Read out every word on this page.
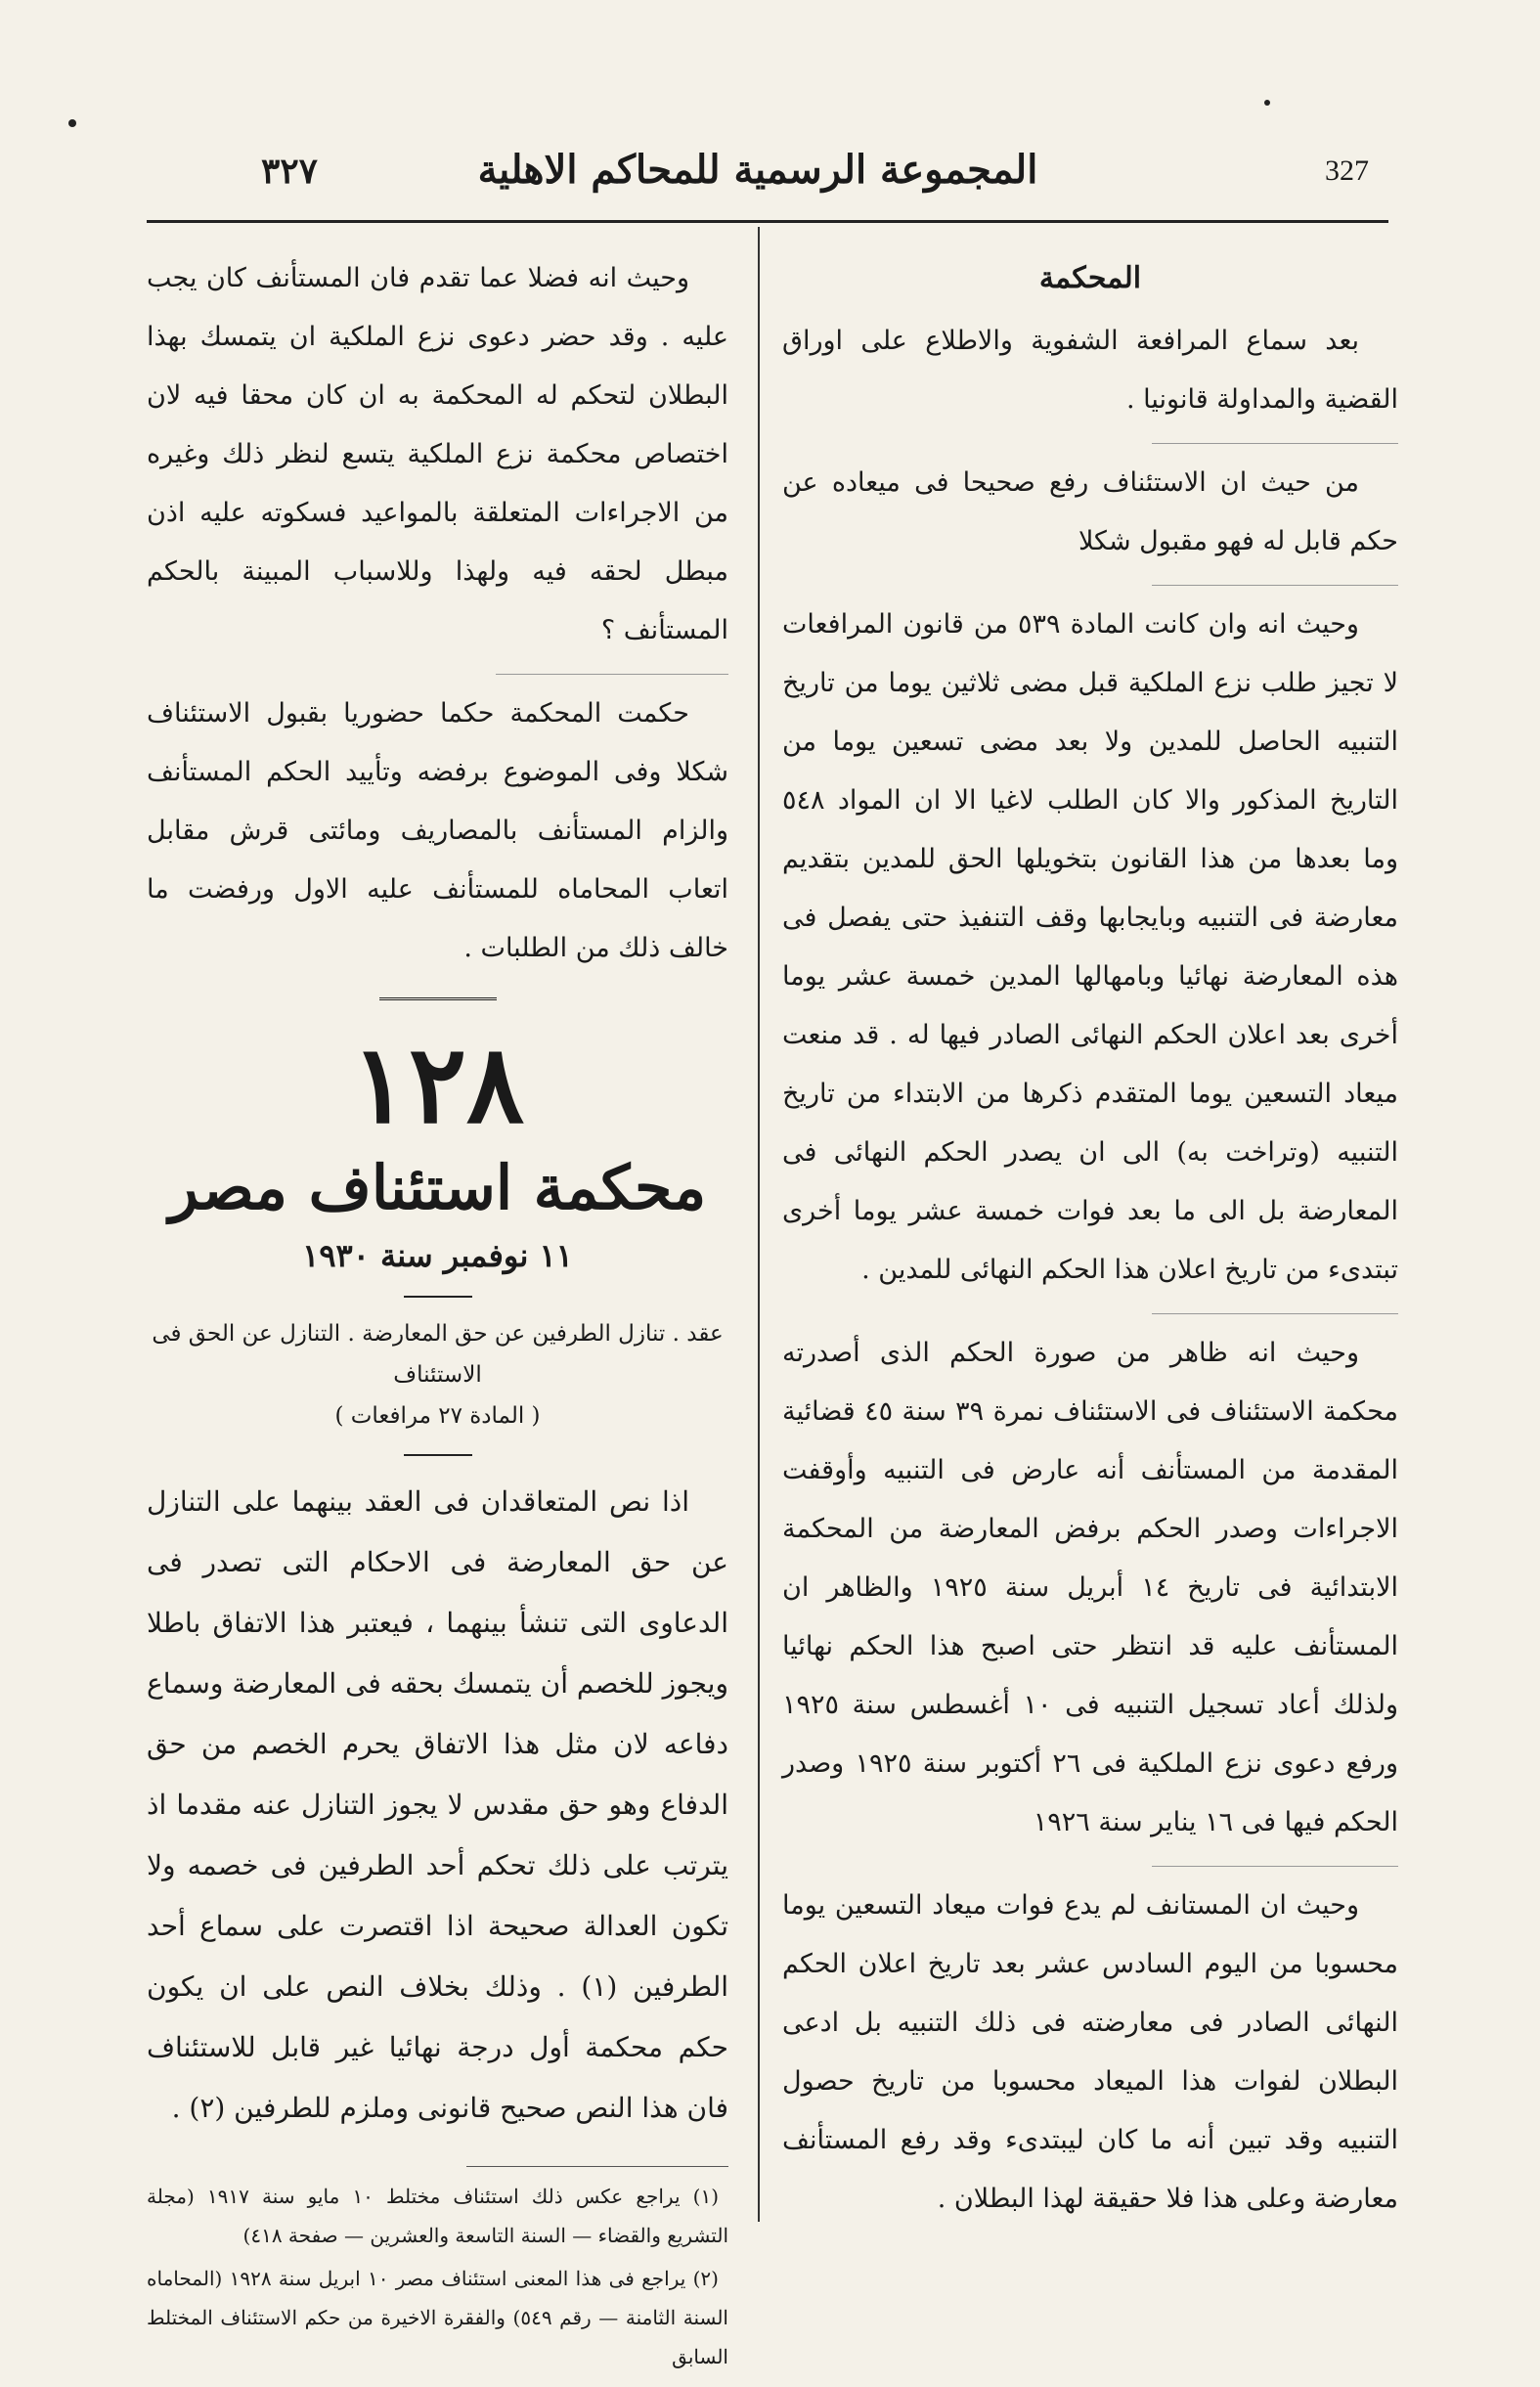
٣٢٧	المجموعة الرسمية للمحاكم الاهلية	327
المحكمة

بعد سماع المرافعة الشفوية والاطلاع على اوراق القضية والمداولة قانونيا .

من حيث ان الاستئناف رفع صحيحا فى ميعاده عن حكم قابل له فهو مقبول شكلا

وحيث انه وان كانت المادة ٥٣٩ من قانون المرافعات لا تجيز طلب نزع الملكية قبل مضى ثلاثين يوما من تاريخ التنبيه الحاصل للمدين ولا بعد مضى تسعين يوما من التاريخ المذكور والا كان الطلب لاغيا الا ان المواد ٥٤٨ وما بعدها من هذا القانون بتخويلها الحق للمدين بتقديم معارضة فى التنبيه وبايجابها وقف التنفيذ حتى يفصل فى هذه المعارضة نهائيا وبامهالها المدين خمسة عشر يوما أخرى بعد اعلان الحكم النهائى الصادر فيها له . قد منعت ميعاد التسعين يوما المتقدم ذكرها من الابتداء من تاريخ التنبيه (وتراخت به) الى ان يصدر الحكم النهائى فى المعارضة بل الى ما بعد فوات خمسة عشر يوما أخرى تبتدىء من تاريخ اعلان هذا الحكم النهائى للمدين .

وحيث انه ظاهر من صورة الحكم الذى أصدرته محكمة الاستئناف فى الاستئناف نمرة ٣٩ سنة ٤٥ قضائية المقدمة من المستأنف أنه عارض فى التنبيه وأوقفت الاجراءات وصدر الحكم برفض المعارضة من المحكمة الابتدائية فى تاريخ ١٤ أبريل سنة ١٩٢٥ والظاهر ان المستأنف عليه قد انتظر حتى اصبح هذا الحكم نهائيا ولذلك أعاد تسجيل التنبيه فى ١٠ أغسطس سنة ١٩٢٥ ورفع دعوى نزع الملكية فى ٢٦ أكتوبر سنة ١٩٢٥ وصدر الحكم فيها فى ١٦ يناير سنة ١٩٢٦

وحيث ان المستانف لم يدع فوات ميعاد التسعين يوما محسوبا من اليوم السادس عشر بعد تاريخ اعلان الحكم النهائى الصادر فى معارضته فى ذلك التنبيه بل ادعى البطلان لفوات هذا الميعاد محسوبا من تاريخ حصول التنبيه وقد تبين أنه ما كان ليبتدىء وقد رفع المستأنف معارضة وعلى هذا فلا حقيقة لهذا البطلان .

وحيث انه فضلا عما تقدم فان المستأنف كان يجب عليه . وقد حضر دعوى نزع الملكية ان يتمسك بهذا البطلان لتحكم له المحكمة به ان كان محقا فيه لان اختصاص محكمة نزع الملكية يتسع لنظر ذلك وغيره من الاجراءات المتعلقة بالمواعيد فسكوته عليه اذن مبطل لحقه فيه ولهذا وللاسباب المبينة بالحكم المستأنف ؟

حكمت المحكمة حكما حضوريا بقبول الاستئناف شكلا وفى الموضوع برفضه وتأييد الحكم المستأنف والزام المستأنف بالمصاريف ومائتى قرش مقابل اتعاب المحاماه للمستأنف عليه الاول ورفضت ما خالف ذلك من الطلبات .

١٢٨
محكمة استئناف مصر
١١ نوفمبر سنة ١٩٣٠
عقد . تنازل الطرفين عن حق المعارضة . التنازل عن الحق فى الاستئناف
( المادة ٢٧ مرافعات )

اذا نص المتعاقدان فى العقد بينهما على التنازل عن حق المعارضة فى الاحكام التى تصدر فى الدعاوى التى تنشأ بينهما ، فيعتبر هذا الاتفاق باطلا ويجوز للخصم أن يتمسك بحقه فى المعارضة وسماع دفاعه لان مثل هذا الاتفاق يحرم الخصم من حق الدفاع وهو حق مقدس لا يجوز التنازل عنه مقدما اذ يترتب على ذلك تحكم أحد الطرفين فى خصمه ولا تكون العدالة صحيحة اذا اقتصرت على سماع أحد الطرفين (١) . وذلك بخلاف النص على ان يكون حكم محكمة أول درجة نهائيا غير قابل للاستئناف فان هذا النص صحيح قانونى وملزم للطرفين (٢) .

(١) يراجع عكس ذلك استئناف مختلط ١٠ مايو سنة ١٩١٧ (مجلة التشريع والقضاء — السنة التاسعة والعشرين — صفحة ٤١٨)

(٢) يراجع فى هذا المعنى استئناف مصر ١٠ ابريل سنة ١٩٢٨ (المحاماه السنة الثامنة — رقم ٥٤٩) والفقرة الاخيرة من حكم الاستئناف المختلط السابق
